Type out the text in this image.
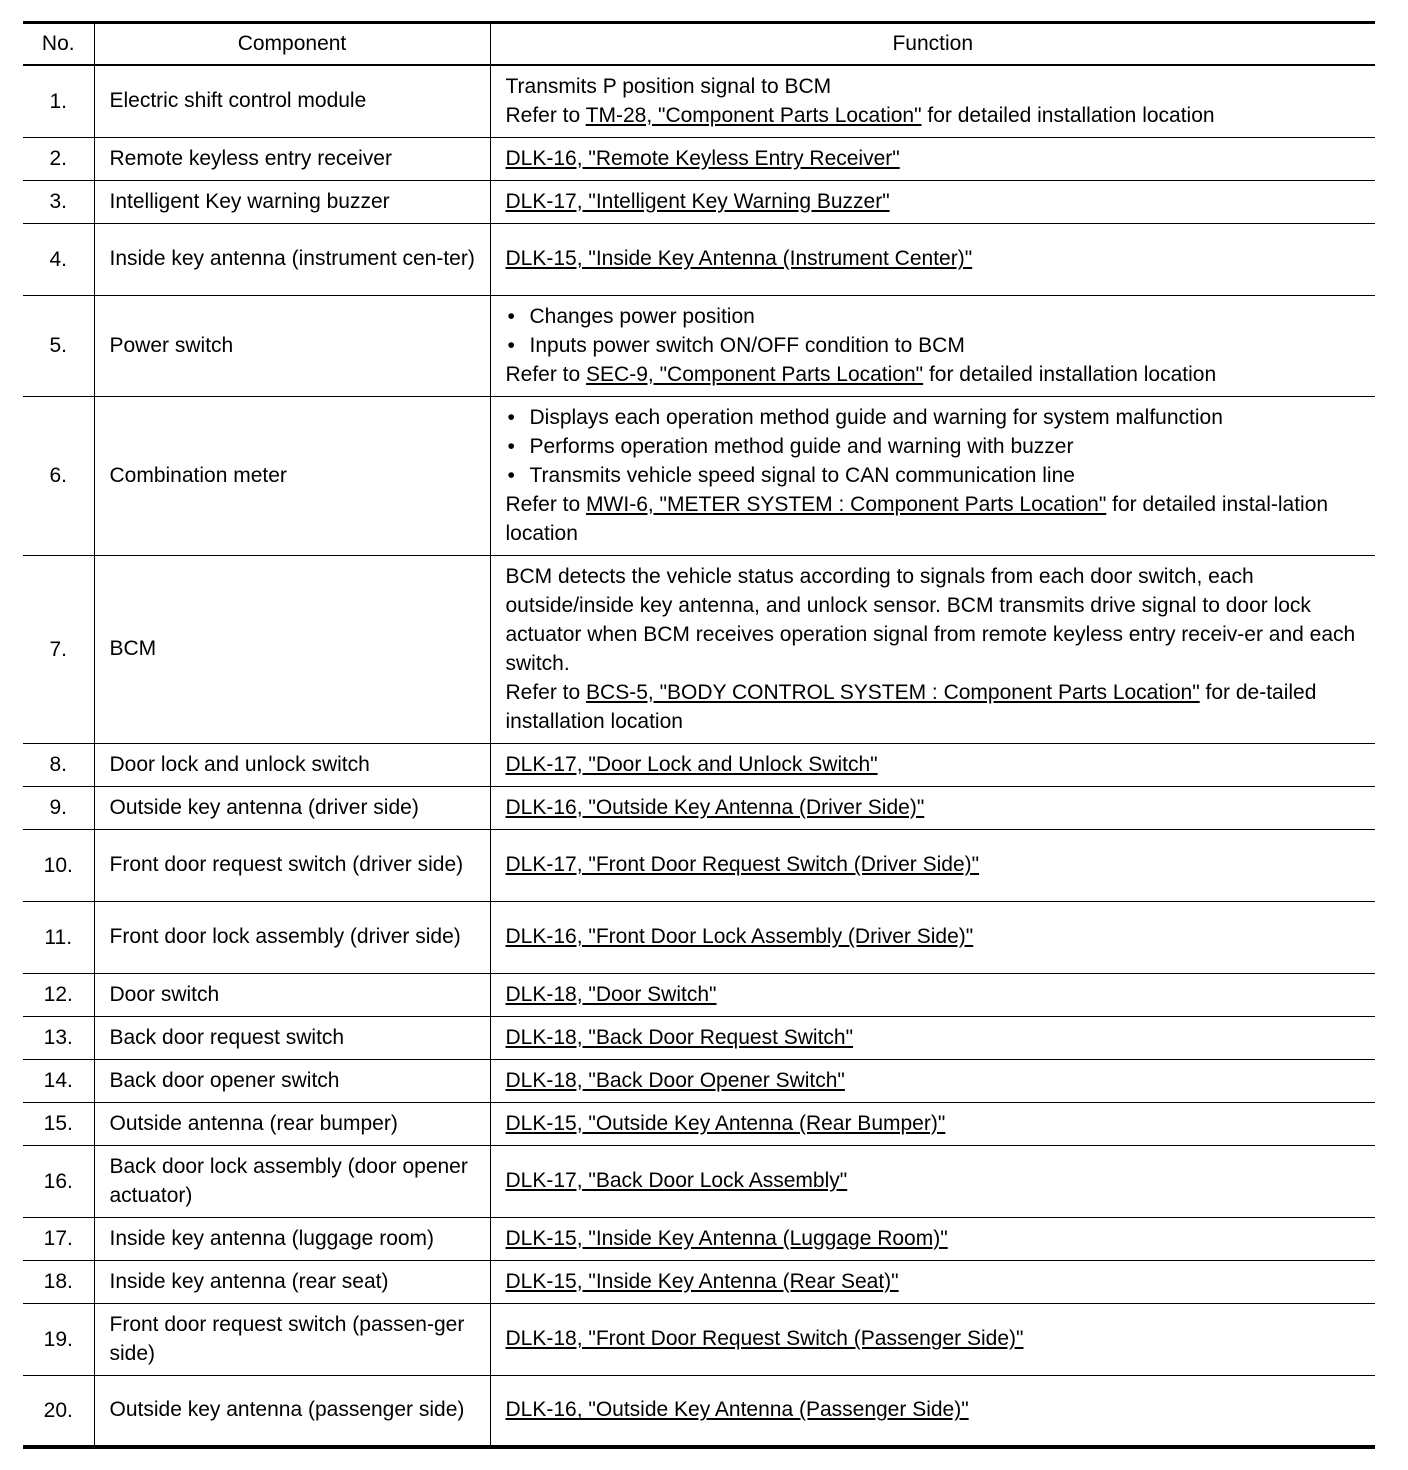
No.	Component	Function
1.	Electric shift control module	Transmits P position signal to BCM
Refer to TM-28, "Component Parts Location" for detailed installation location

2.	Remote keyless entry receiver	DLK-16, "Remote Keyless Entry Receiver"
3.	Intelligent Key warning buzzer	DLK-17, "Intelligent Key Warning Buzzer"
4.	Inside key antenna (instrument cen-ter)	DLK-15, "Inside Key Antenna (Instrument Center)"
5.	Power switch	• Changes power position
• Inputs power switch ON/OFF condition to BCM
Refer to SEC-9, "Component Parts Location" for detailed installation location

6.	Combination meter	• Displays each operation method guide and warning for system malfunction
• Performs operation method guide and warning with buzzer
• Transmits vehicle speed signal to CAN communication line
Refer to MWI-6, "METER SYSTEM : Component Parts Location" for detailed instal-lation location

7.	BCM	BCM detects the vehicle status according to signals from each door switch, each outside/inside key antenna, and unlock sensor. BCM transmits drive signal to door lock actuator when BCM receives operation signal from remote keyless entry receiv-er and each switch.
Refer to BCS-5, "BODY CONTROL SYSTEM : Component Parts Location" for de-tailed installation location

8.	Door lock and unlock switch	DLK-17, "Door Lock and Unlock Switch"
9.	Outside key antenna (driver side)	DLK-16, "Outside Key Antenna (Driver Side)"
10.	Front door request switch (driver side)	DLK-17, "Front Door Request Switch (Driver Side)"
11.	Front door lock assembly (driver side)	DLK-16, "Front Door Lock Assembly (Driver Side)"
12.	Door switch	DLK-18, "Door Switch"
13.	Back door request switch	DLK-18, "Back Door Request Switch"
14.	Back door opener switch	DLK-18, "Back Door Opener Switch"
15.	Outside antenna (rear bumper)	DLK-15, "Outside Key Antenna (Rear Bumper)"
16.	Back door lock assembly (door opener actuator)	DLK-17, "Back Door Lock Assembly"
17.	Inside key antenna (luggage room)	DLK-15, "Inside Key Antenna (Luggage Room)"
18.	Inside key antenna (rear seat)	DLK-15, "Inside Key Antenna (Rear Seat)"
19.	Front door request switch (passen-ger side)	DLK-18, "Front Door Request Switch (Passenger Side)"
20.	Outside key antenna (passenger side)	DLK-16, "Outside Key Antenna (Passenger Side)"
